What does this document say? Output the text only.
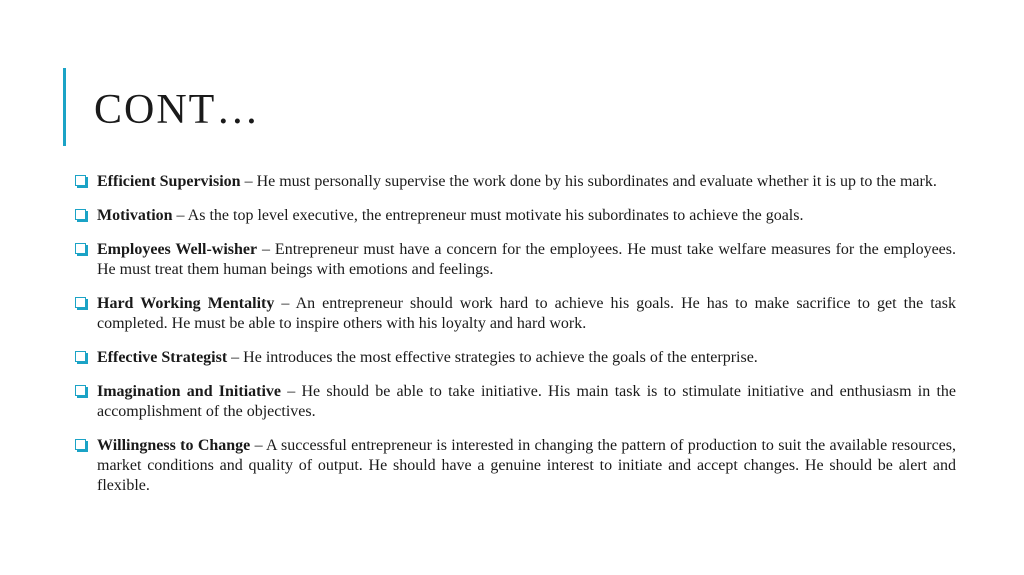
CONT…
Efficient Supervision – He must personally supervise the work done by his subordinates and evaluate whether it is up to the mark.
Motivation – As the top level executive, the entrepreneur must motivate his subordinates to achieve the goals.
Employees Well-wisher – Entrepreneur must have a concern for the employees. He must take welfare measures for the employees. He must treat them human beings with emotions and feelings.
Hard Working Mentality – An entrepreneur should work hard to achieve his goals. He has to make sacrifice to get the task completed. He must be able to inspire others with his loyalty and hard work.
Effective Strategist – He introduces the most effective strategies to achieve the goals of the enterprise.
Imagination and Initiative – He should be able to take initiative. His main task is to stimulate initiative and enthusiasm in the accomplishment of the objectives.
Willingness to Change – A successful entrepreneur is interested in changing the pattern of production to suit the available resources, market conditions and quality of output. He should have a genuine interest to initiate and accept changes. He should be alert and flexible.
